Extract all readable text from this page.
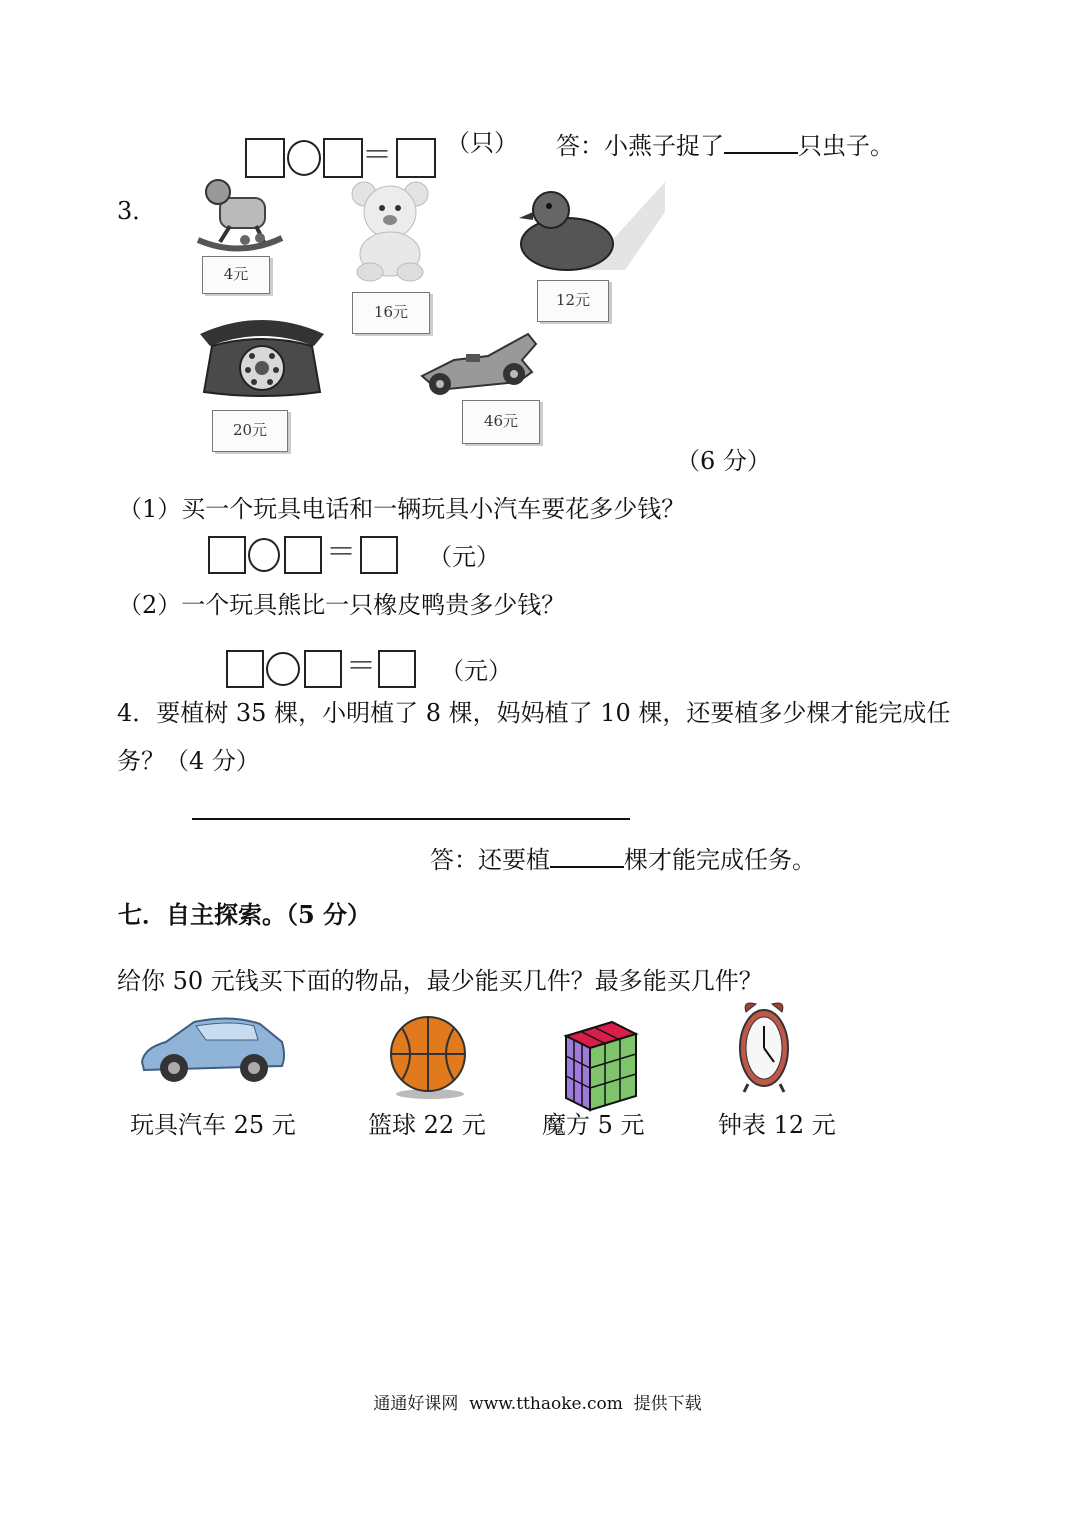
＝ （只） 答：小燕子捉了	只虫子。
3．
4元
16元
12元
20元	46元
（6 分）
（1）买一个玩具电话和一辆玩具小汽车要花多少钱？
＝	（元）
（2）一个玩具熊比一只橡皮鸭贵多少钱？
＝	（元）
4．要植树 35 棵，小明植了 8 棵，妈妈植了 10 棵，还要植多少棵才能完成任
务？（4 分）
答：还要植	棵才能完成任务。
七．自主探索。（5 分）
给你 50 元钱买下面的物品，最少能买几件？最多能买几件？
玩具汽车 25 元	篮球 22 元 魔方 5 元	钟表 12 元
通通好课网  www.tthaoke.com  提供下载
